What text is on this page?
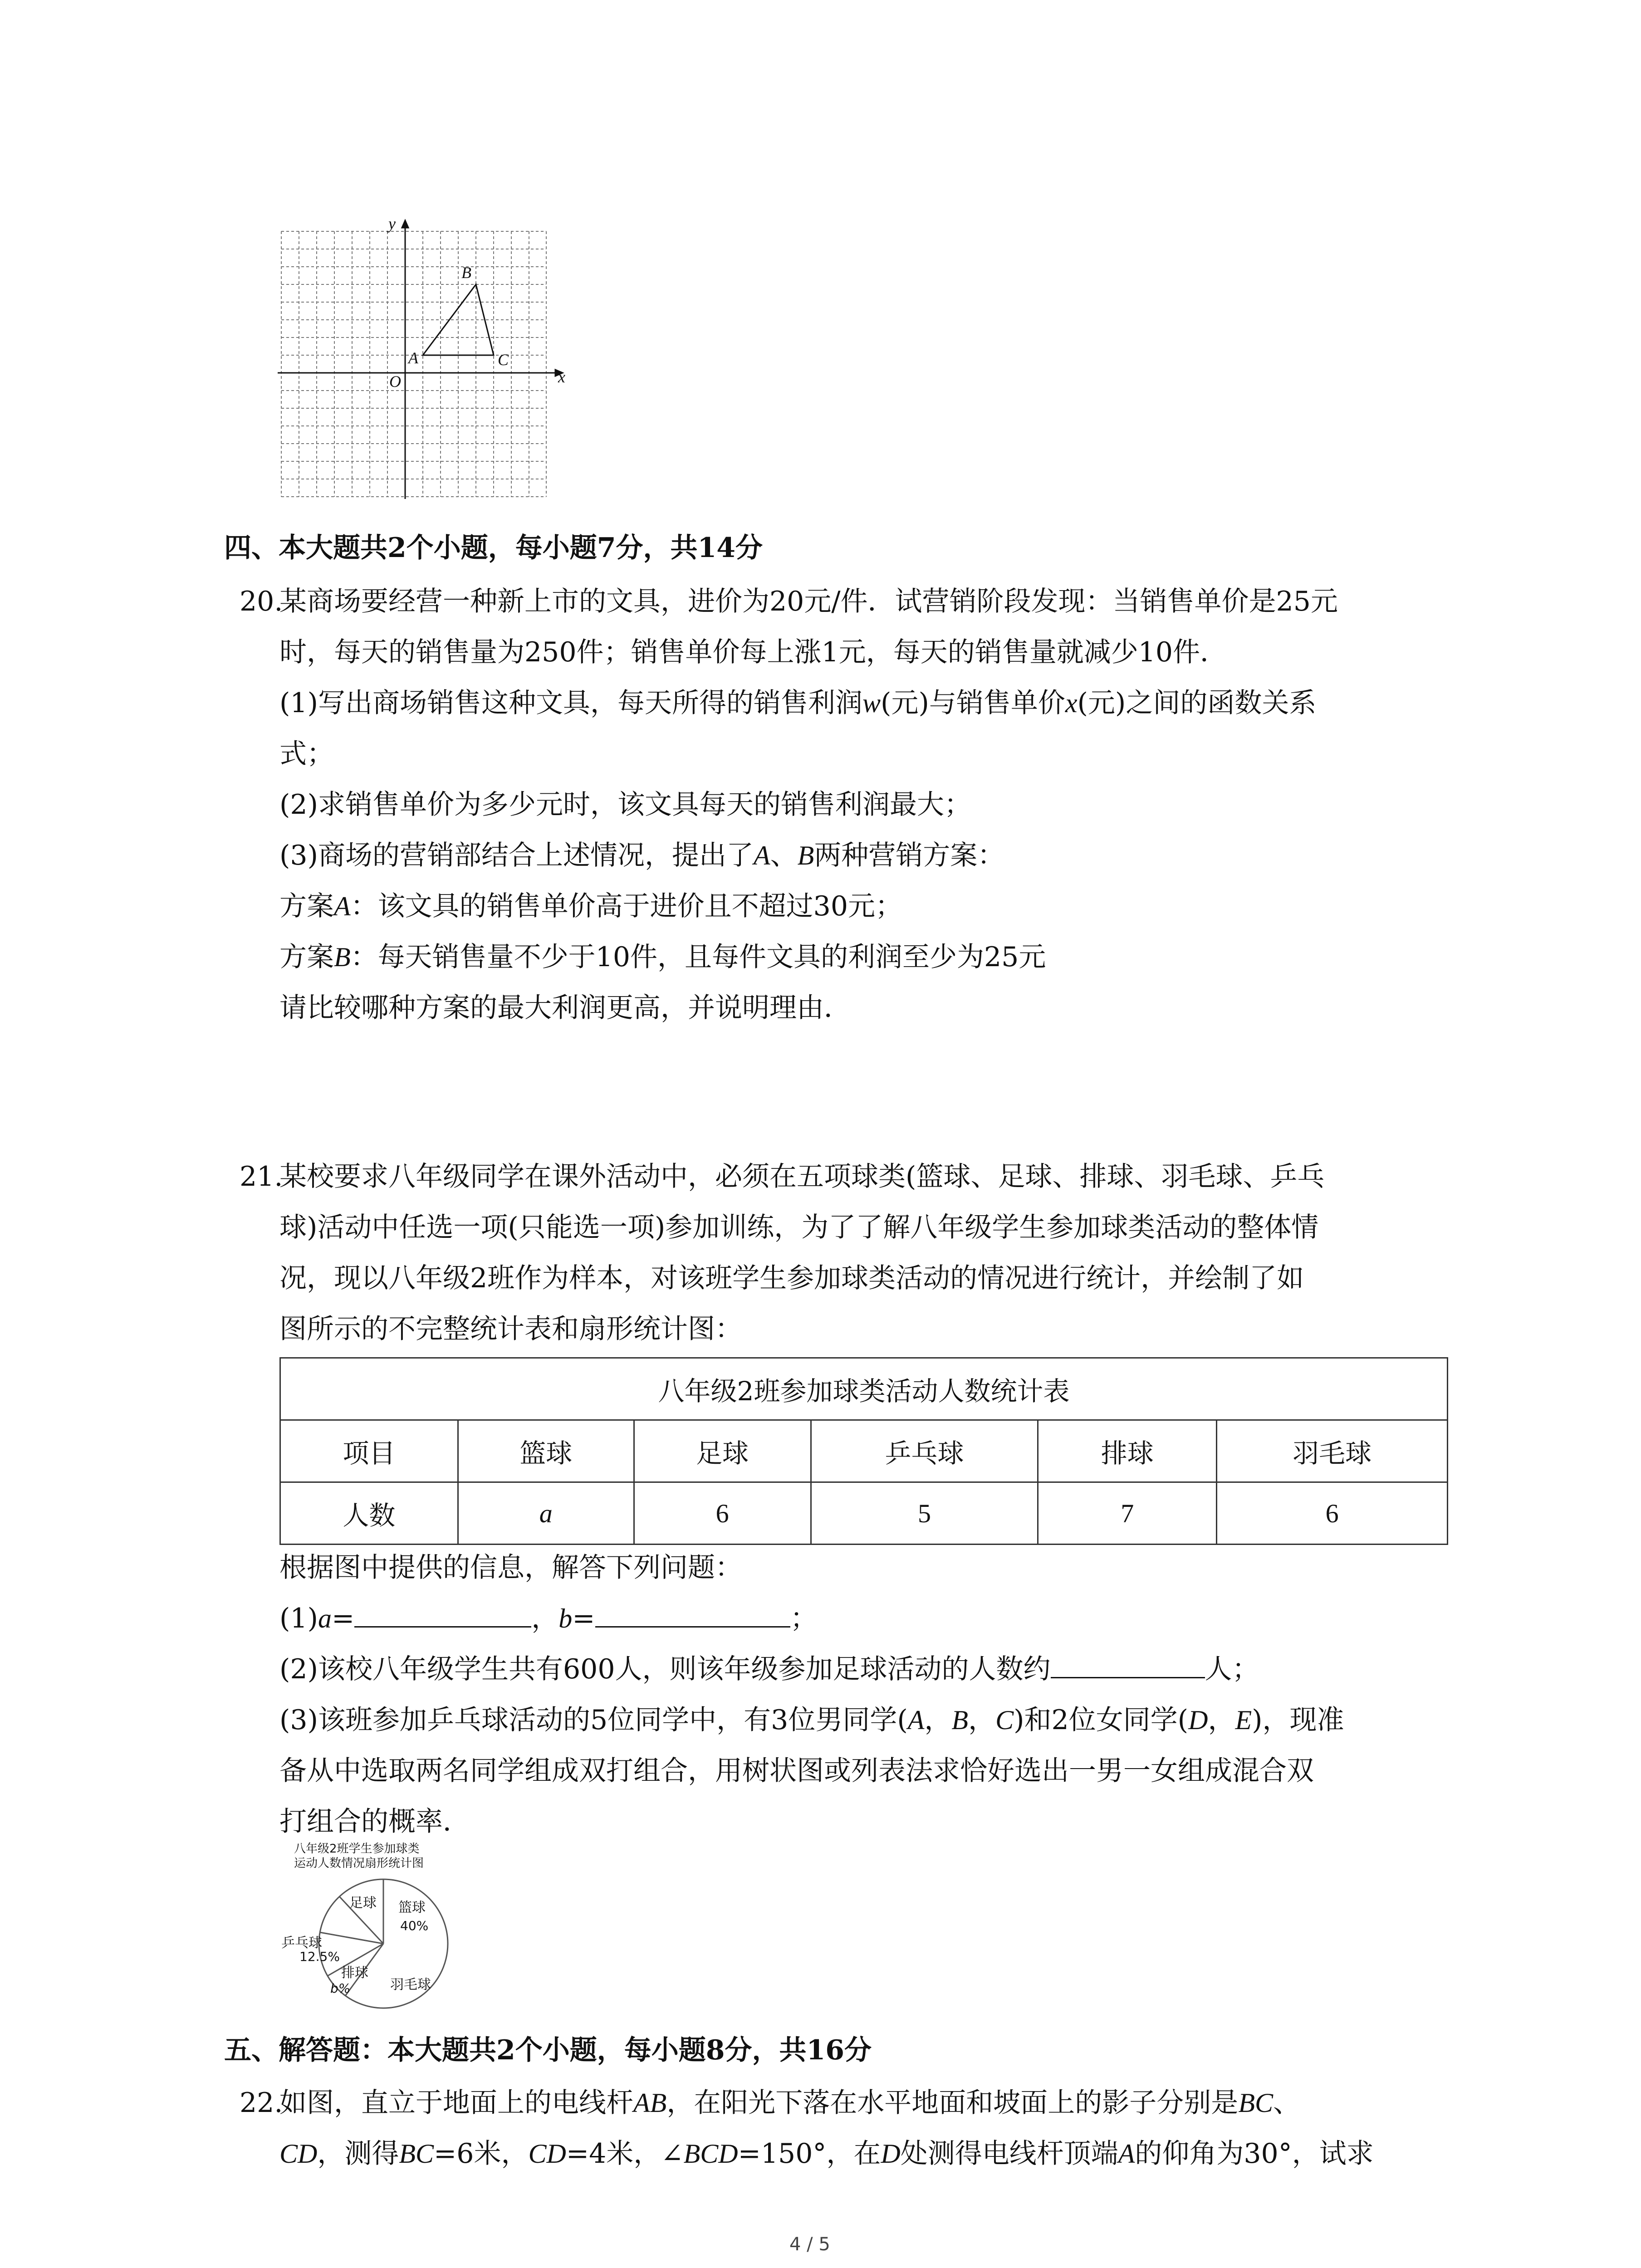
y
x
O
A
B
C
四、本大题共2个小题，每小题7分，共14分
20.
某商场要经营一种新上市的文具，进价为20元/件．试营销阶段发现：当销售单价是25元
时，每天的销售量为250件；销售单价每上涨1元，每天的销售量就减少10件．
(1)写出商场销售这种文具，每天所得的销售利润w(元)与销售单价x(元)之间的函数关系
式；
(2)求销售单价为多少元时，该文具每天的销售利润最大；
(3)商场的营销部结合上述情况，提出了A、B两种营销方案：
方案A：该文具的销售单价高于进价且不超过30元；
方案B：每天销售量不少于10件，且每件文具的利润至少为25元
请比较哪种方案的最大利润更高，并说明理由．
21.
某校要求八年级同学在课外活动中，必须在五项球类(篮球、足球、排球、羽毛球、乒乓
球)活动中任选一项(只能选一项)参加训练，为了了解八年级学生参加球类活动的整体情
况，现以八年级2班作为样本，对该班学生参加球类活动的情况进行统计，并绘制了如
图所示的不完整统计表和扇形统计图：
八年级2班参加球类活动人数统计表					
项目	篮球	足球	乒乓球	排球	羽毛球
人数	a	6	5	7	6
根据图中提供的信息，解答下列问题：
(1)a=	，b=	；
(2)该校八年级学生共有600人，则该年级参加足球活动的人数约	人；
(3)该班参加乒乓球活动的5位同学中，有3位男同学(A，B，C)和2位女同学(D，E)，现准
备从中选取两名同学组成双打组合，用树状图或列表法求恰好选出一男一女组成混合双
打组合的概率．
八年级2班学生参加球类
运动人数情况扇形统计图
篮球
40%
足球
乒乓球
12.5%
排球
b%	羽毛球
五、解答题：本大题共2个小题，每小题8分，共16分
22.
如图，直立于地面上的电线杆AB，在阳光下落在水平地面和坡面上的影子分别是BC、
CD，测得BC=6米，CD=4米，∠BCD=150°，在D处测得电线杆顶端A的仰角为30°，试求
4 / 5
